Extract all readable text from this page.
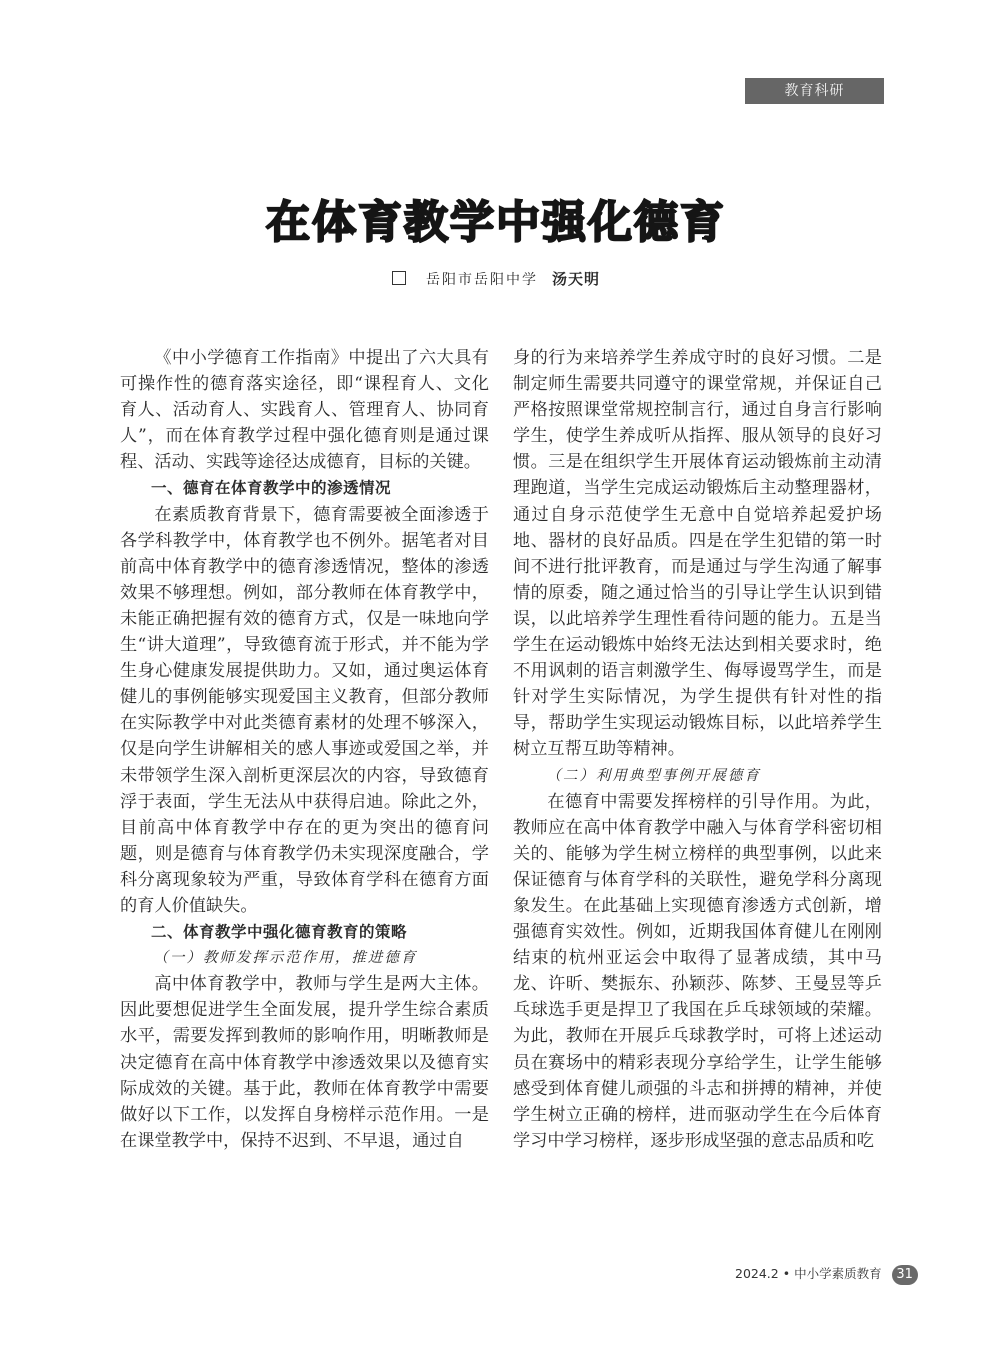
教育科研
在体育教学中强化德育
岳阳市岳阳中学 汤天明

《中小学德育工作指南》中提出了六大具有可操作性的德育落实途径，即“课程育人、文化育人、活动育人、实践育人、管理育人、协同育人”，而在体育教学过程中强化德育则是通过课程、活动、实践等途径达成德育，目标的关键。

一、德育在体育教学中的渗透情况

在素质教育背景下，德育需要被全面渗透于各学科教学中，体育教学也不例外。据笔者对目前高中体育教学中的德育渗透情况，整体的渗透效果不够理想。例如，部分教师在体育教学中，未能正确把握有效的德育方式，仅是一味地向学生“讲大道理”，导致德育流于形式，并不能为学生身心健康发展提供助力。又如，通过奥运体育健儿的事例能够实现爱国主义教育，但部分教师在实际教学中对此类德育素材的处理不够深入，仅是向学生讲解相关的感人事迹或爱国之举，并未带领学生深入剖析更深层次的内容，导致德育浮于表面，学生无法从中获得启迪。除此之外，目前高中体育教学中存在的更为突出的德育问题，则是德育与体育教学仍未实现深度融合，学科分离现象较为严重，导致体育学科在德育方面的育人价值缺失。

二、体育教学中强化德育教育的策略

（一）教师发挥示范作用，推进德育

高中体育教学中，教师与学生是两大主体。因此要想促进学生全面发展，提升学生综合素质水平，需要发挥到教师的影响作用，明晰教师是决定德育在高中体育教学中渗透效果以及德育实际成效的关键。基于此，教师在体育教学中需要做好以下工作，以发挥自身榜样示范作用。一是在课堂教学中，保持不迟到、不早退，通过自

身的行为来培养学生养成守时的良好习惯。二是制定师生需要共同遵守的课堂常规，并保证自己严格按照课堂常规控制言行，通过自身言行影响学生，使学生养成听从指挥、服从领导的良好习惯。三是在组织学生开展体育运动锻炼前主动清理跑道，当学生完成运动锻炼后主动整理器材，通过自身示范使学生无意中自觉培养起爱护场地、器材的良好品质。四是在学生犯错的第一时间不进行批评教育，而是通过与学生沟通了解事情的原委，随之通过恰当的引导让学生认识到错误，以此培养学生理性看待问题的能力。五是当学生在运动锻炼中始终无法达到相关要求时，绝不用讽刺的语言刺激学生、侮辱谩骂学生，而是针对学生实际情况，为学生提供有针对性的指导，帮助学生实现运动锻炼目标，以此培养学生树立互帮互助等精神。

（二）利用典型事例开展德育

在德育中需要发挥榜样的引导作用。为此，教师应在高中体育教学中融入与体育学科密切相关的、能够为学生树立榜样的典型事例，以此来保证德育与体育学科的关联性，避免学科分离现象发生。在此基础上实现德育渗透方式创新，增强德育实效性。例如，近期我国体育健儿在刚刚结束的杭州亚运会中取得了显著成绩，其中马龙、许昕、樊振东、孙颖莎、陈梦、王曼昱等乒乓球选手更是捍卫了我国在乒乓球领域的荣耀。为此，教师在开展乒乓球教学时，可将上述运动员在赛场中的精彩表现分享给学生，让学生能够感受到体育健儿顽强的斗志和拼搏的精神，并使学生树立正确的榜样，进而驱动学生在今后体育学习中学习榜样，逐步形成坚强的意志品质和吃

2024.2 • 中小学素质教育 31
